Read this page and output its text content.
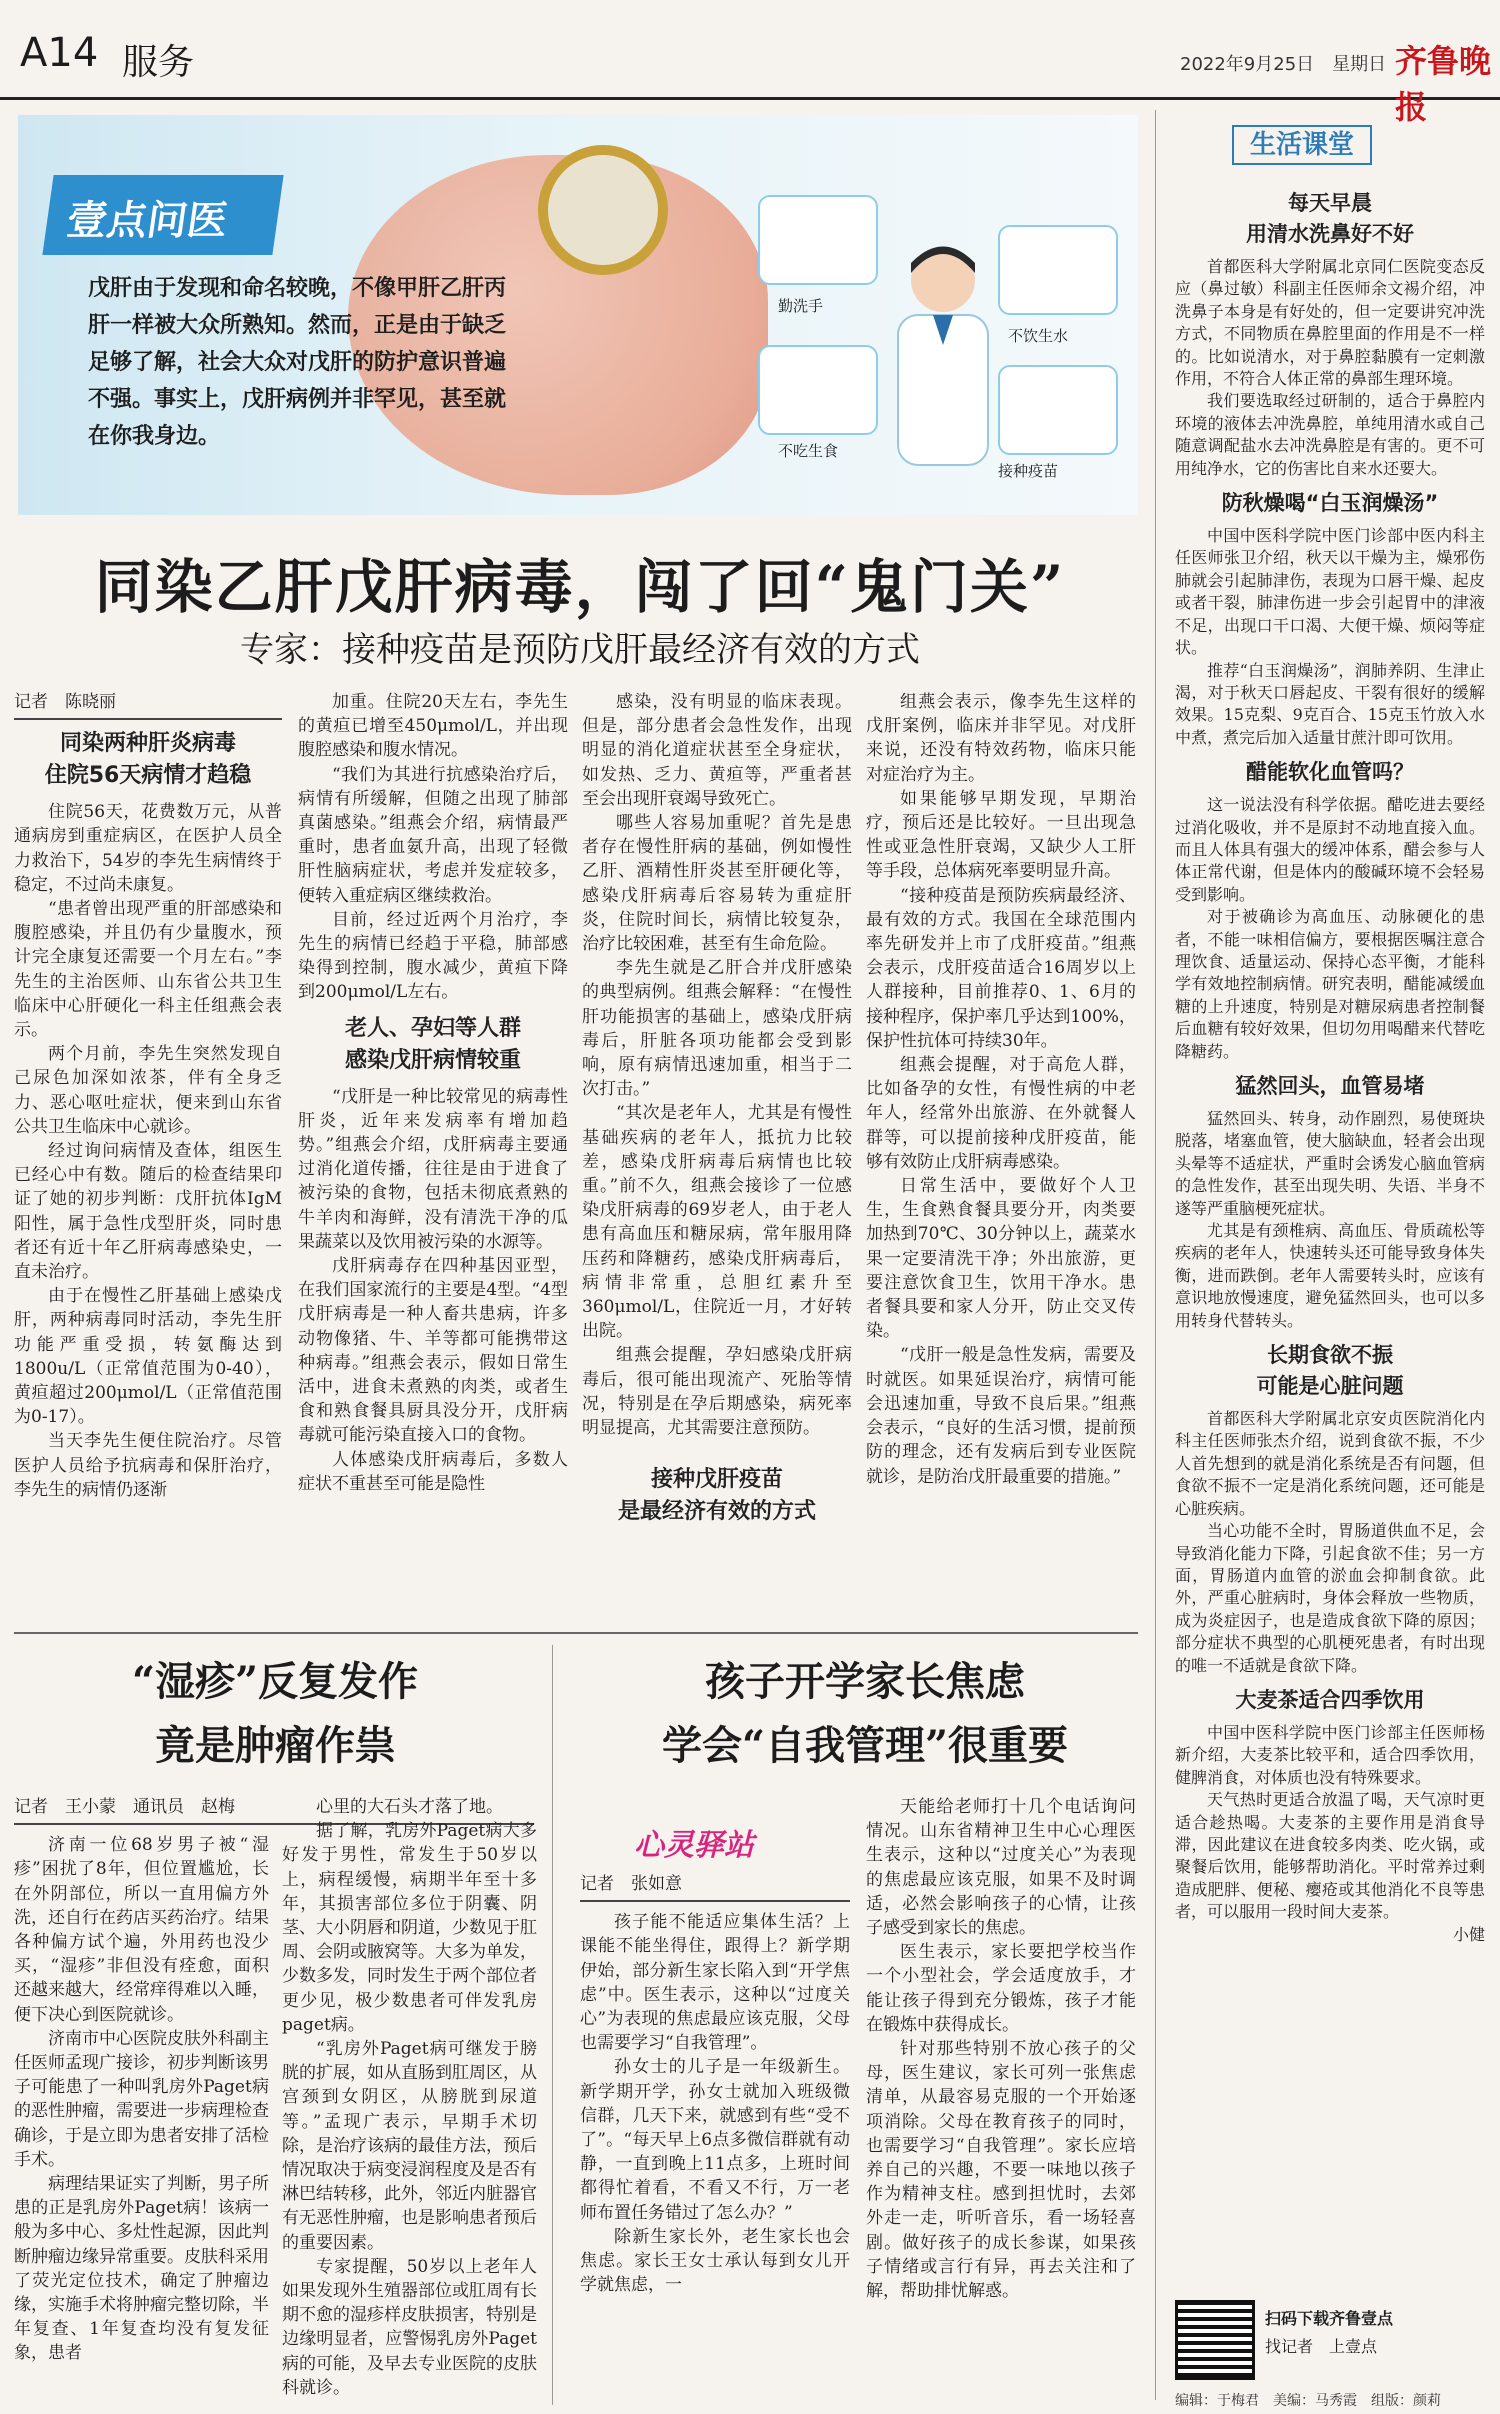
A14 服务	2022年9月25日　星期日 齐鲁晚报
壹点问医
戊肝由于发现和命名较晚，不像甲肝乙肝丙肝一样被大众所熟知。然而，正是由于缺乏足够了解，社会大众对戊肝的防护意识普遍不强。事实上，戊肝病例并非罕见，甚至就在你我身边。
勤洗手
不饮生水
不吃生食
接种疫苗
同染乙肝戊肝病毒，闯了回“鬼门关”
专家：接种疫苗是预防戊肝最经济有效的方式
记者　陈晓丽
同染两种肝炎病毒
住院56天病情才趋稳

住院56天，花费数万元，从普通病房到重症病区，在医护人员全力救治下，54岁的李先生病情终于稳定，不过尚未康复。

“患者曾出现严重的肝部感染和腹腔感染，并且仍有少量腹水，预计完全康复还需要一个月左右。”李先生的主治医师、山东省公共卫生临床中心肝硬化一科主任组燕会表示。

两个月前，李先生突然发现自己尿色加深如浓茶，伴有全身乏力、恶心呕吐症状，便来到山东省公共卫生临床中心就诊。

经过询问病情及查体，组医生已经心中有数。随后的检查结果印证了她的初步判断：戊肝抗体IgM阳性，属于急性戊型肝炎，同时患者还有近十年乙肝病毒感染史，一直未治疗。

由于在慢性乙肝基础上感染戊肝，两种病毒同时活动，李先生肝功能严重受损，转氨酶达到1800u/L（正常值范围为0-40），黄疸超过200μmol/L（正常值范围为0-17）。

当天李先生便住院治疗。尽管医护人员给予抗病毒和保肝治疗，李先生的病情仍逐渐

加重。住院20天左右，李先生的黄疸已增至450μmol/L，并出现腹腔感染和腹水情况。

“我们为其进行抗感染治疗后，病情有所缓解，但随之出现了肺部真菌感染。”组燕会介绍，病情最严重时，患者血氨升高，出现了轻微肝性脑病症状，考虑并发症较多，便转入重症病区继续救治。

目前，经过近两个月治疗，李先生的病情已经趋于平稳，肺部感染得到控制，腹水减少，黄疸下降到200μmol/L左右。

老人、孕妇等人群
感染戊肝病情较重

“戊肝是一种比较常见的病毒性肝炎，近年来发病率有增加趋势。”组燕会介绍，戊肝病毒主要通过消化道传播，往往是由于进食了被污染的食物，包括未彻底煮熟的牛羊肉和海鲜，没有清洗干净的瓜果蔬菜以及饮用被污染的水源等。

戊肝病毒存在四种基因亚型，在我们国家流行的主要是4型。“4型戊肝病毒是一种人畜共患病，许多动物像猪、牛、羊等都可能携带这种病毒。”组燕会表示，假如日常生活中，进食未煮熟的肉类，或者生食和熟食餐具厨具没分开，戊肝病毒就可能污染直接入口的食物。

人体感染戊肝病毒后，多数人症状不重甚至可能是隐性

感染，没有明显的临床表现。但是，部分患者会急性发作，出现明显的消化道症状甚至全身症状，如发热、乏力、黄疸等，严重者甚至会出现肝衰竭导致死亡。

哪些人容易加重呢？首先是患者存在慢性肝病的基础，例如慢性乙肝、酒精性肝炎甚至肝硬化等，感染戊肝病毒后容易转为重症肝炎，住院时间长，病情比较复杂，治疗比较困难，甚至有生命危险。

李先生就是乙肝合并戊肝感染的典型病例。组燕会解释：“在慢性肝功能损害的基础上，感染戊肝病毒后，肝脏各项功能都会受到影响，原有病情迅速加重，相当于二次打击。”

“其次是老年人，尤其是有慢性基础疾病的老年人，抵抗力比较差，感染戊肝病毒后病情也比较重。”前不久，组燕会接诊了一位感染戊肝病毒的69岁老人，由于老人患有高血压和糖尿病，常年服用降压药和降糖药，感染戊肝病毒后，病情非常重，总胆红素升至360μmol/L，住院近一月，才好转出院。

组燕会提醒，孕妇感染戊肝病毒后，很可能出现流产、死胎等情况，特别是在孕后期感染，病死率明显提高，尤其需要注意预防。

接种戊肝疫苗
是最经济有效的方式

组燕会表示，像李先生这样的戊肝案例，临床并非罕见。对戊肝来说，还没有特效药物，临床只能对症治疗为主。

如果能够早期发现，早期治疗，预后还是比较好。一旦出现急性或亚急性肝衰竭，又缺少人工肝等手段，总体病死率要明显升高。

“接种疫苗是预防疾病最经济、最有效的方式。我国在全球范围内率先研发并上市了戊肝疫苗。”组燕会表示，戊肝疫苗适合16周岁以上人群接种，目前推荐0、1、6月的接种程序，保护率几乎达到100%，保护性抗体可持续30年。

组燕会提醒，对于高危人群，比如备孕的女性，有慢性病的中老年人，经常外出旅游、在外就餐人群等，可以提前接种戊肝疫苗，能够有效防止戊肝病毒感染。

日常生活中，要做好个人卫生，生食熟食餐具要分开，肉类要加热到70℃、30分钟以上，蔬菜水果一定要清洗干净；外出旅游，更要注意饮食卫生，饮用干净水。患者餐具要和家人分开，防止交叉传染。

“戊肝一般是急性发病，需要及时就医。如果延误治疗，病情可能会迅速加重，导致不良后果。”组燕会表示，“良好的生活习惯，提前预防的理念，还有发病后到专业医院就诊，是防治戊肝最重要的措施。”

“湿疹”反复发作
竟是肿瘤作祟
记者　王小蒙　通讯员　赵梅

济南一位68岁男子被“湿疹”困扰了8年，但位置尴尬，长在外阴部位，所以一直用偏方外洗，还自行在药店买药治疗。结果各种偏方试个遍，外用药也没少买，“湿疹”非但没有痊愈，面积还越来越大，经常痒得难以入睡，便下决心到医院就诊。

济南市中心医院皮肤外科副主任医师孟现广接诊，初步判断该男子可能患了一种叫乳房外Paget病的恶性肿瘤，需要进一步病理检查确诊，于是立即为患者安排了活检手术。

病理结果证实了判断，男子所患的正是乳房外Paget病！该病一般为多中心、多灶性起源，因此判断肿瘤边缘异常重要。皮肤科采用了荧光定位技术，确定了肿瘤边缘，实施手术将肿瘤完整切除，半年复查、1年复查均没有复发征象，患者

心里的大石头才落了地。

据了解，乳房外Paget病大多好发于男性，常发生于50岁以上，病程缓慢，病期半年至十多年，其损害部位多位于阴囊、阴茎、大小阴唇和阴道，少数见于肛周、会阴或腋窝等。大多为单发，少数多发，同时发生于两个部位者更少见，极少数患者可伴发乳房paget病。

“乳房外Paget病可继发于膀胱的扩展，如从直肠到肛周区，从宫颈到女阴区，从膀胱到尿道等。”孟现广表示，早期手术切除，是治疗该病的最佳方法，预后情况取决于病变浸润程度及是否有淋巴结转移，此外，邻近内脏器官有无恶性肿瘤，也是影响患者预后的重要因素。

专家提醒，50岁以上老年人如果发现外生殖器部位或肛周有长期不愈的湿疹样皮肤损害，特别是边缘明显者，应警惕乳房外Paget病的可能，及早去专业医院的皮肤科就诊。

孩子开学家长焦虑
学会“自我管理”很重要
心灵驿站
记者　张如意

孩子能不能适应集体生活？上课能不能坐得住，跟得上？新学期伊始，部分新生家长陷入到“开学焦虑”中。医生表示，这种以“过度关心”为表现的焦虑最应该克服，父母也需要学习“自我管理”。

孙女士的儿子是一年级新生。新学期开学，孙女士就加入班级微信群，几天下来，就感到有些“受不了”。“每天早上6点多微信群就有动静，一直到晚上11点多，上班时间都得忙着看，不看又不行，万一老师布置任务错过了怎么办？”

除新生家长外，老生家长也会焦虑。家长王女士承认每到女儿开学就焦虑，一

天能给老师打十几个电话询问情况。山东省精神卫生中心心理医生表示，这种以“过度关心”为表现的焦虑最应该克服，如果不及时调适，必然会影响孩子的心情，让孩子感受到家长的焦虑。

医生表示，家长要把学校当作一个小型社会，学会适度放手，才能让孩子得到充分锻炼，孩子才能在锻炼中获得成长。

针对那些特别不放心孩子的父母，医生建议，家长可列一张焦虑清单，从最容易克服的一个开始逐项消除。父母在教育孩子的同时，也需要学习“自我管理”。家长应培养自己的兴趣，不要一味地以孩子作为精神支柱。感到担忧时，去郊外走一走，听听音乐，看一场轻喜剧。做好孩子的成长参谋，如果孩子情绪或言行有异，再去关注和了解，帮助排忧解惑。

生活课堂
每天早晨
用清水洗鼻好不好

首都医科大学附属北京同仁医院变态反应（鼻过敏）科副主任医师余文裼介绍，冲洗鼻子本身是有好处的，但一定要讲究冲洗方式，不同物质在鼻腔里面的作用是不一样的。比如说清水，对于鼻腔黏膜有一定刺激作用，不符合人体正常的鼻部生理环境。

我们要选取经过研制的，适合于鼻腔内环境的液体去冲洗鼻腔，单纯用清水或自己随意调配盐水去冲洗鼻腔是有害的。更不可用纯净水，它的伤害比自来水还要大。

防秋燥喝“白玉润燥汤”

中国中医科学院中医门诊部中医内科主任医师张卫介绍，秋天以干燥为主，燥邪伤肺就会引起肺津伤，表现为口唇干燥、起皮或者干裂，肺津伤进一步会引起胃中的津液不足，出现口干口渴、大便干燥、烦闷等症状。

推荐“白玉润燥汤”，润肺养阴、生津止渴，对于秋天口唇起皮、干裂有很好的缓解效果。15克梨、9克百合、15克玉竹放入水中煮，煮完后加入适量甘蔗汁即可饮用。

醋能软化血管吗？

这一说法没有科学依据。醋吃进去要经过消化吸收，并不是原封不动地直接入血。而且人体具有强大的缓冲体系，醋会参与人体正常代谢，但是体内的酸碱环境不会轻易受到影响。

对于被确诊为高血压、动脉硬化的患者，不能一味相信偏方，要根据医嘱注意合理饮食、适量运动、保持心态平衡，才能科学有效地控制病情。研究表明，醋能减缓血糖的上升速度，特别是对糖尿病患者控制餐后血糖有较好效果，但切勿用喝醋来代替吃降糖药。

猛然回头，血管易堵

猛然回头、转身，动作剧烈，易使斑块脱落，堵塞血管，使大脑缺血，轻者会出现头晕等不适症状，严重时会诱发心脑血管病的急性发作，甚至出现失明、失语、半身不遂等严重脑梗死症状。

尤其是有颈椎病、高血压、骨质疏松等疾病的老年人，快速转头还可能导致身体失衡，进而跌倒。老年人需要转头时，应该有意识地放慢速度，避免猛然回头，也可以多用转身代替转头。

长期食欲不振
可能是心脏问题

首都医科大学附属北京安贞医院消化内科主任医师张杰介绍，说到食欲不振，不少人首先想到的就是消化系统是否有问题，但食欲不振不一定是消化系统问题，还可能是心脏疾病。

当心功能不全时，胃肠道供血不足，会导致消化能力下降，引起食欲不佳；另一方面，胃肠道内血管的淤血会抑制食欲。此外，严重心脏病时，身体会释放一些物质，成为炎症因子，也是造成食欲下降的原因；部分症状不典型的心肌梗死患者，有时出现的唯一不适就是食欲下降。

大麦茶适合四季饮用

中国中医科学院中医门诊部主任医师杨新介绍，大麦茶比较平和，适合四季饮用，健脾消食，对体质也没有特殊要求。

天气热时更适合放温了喝，天气凉时更适合趁热喝。大麦茶的主要作用是消食导滞，因此建议在进食较多肉类、吃火锅，或聚餐后饮用，能够帮助消化。平时常养过剩造成肥胖、便秘、瘿疮或其他消化不良等患者，可以服用一段时间大麦茶。

小健
扫码下载齐鲁壹点
找记者　上壹点
编辑：于梅君　美编：马秀霞　组版：颜莉
